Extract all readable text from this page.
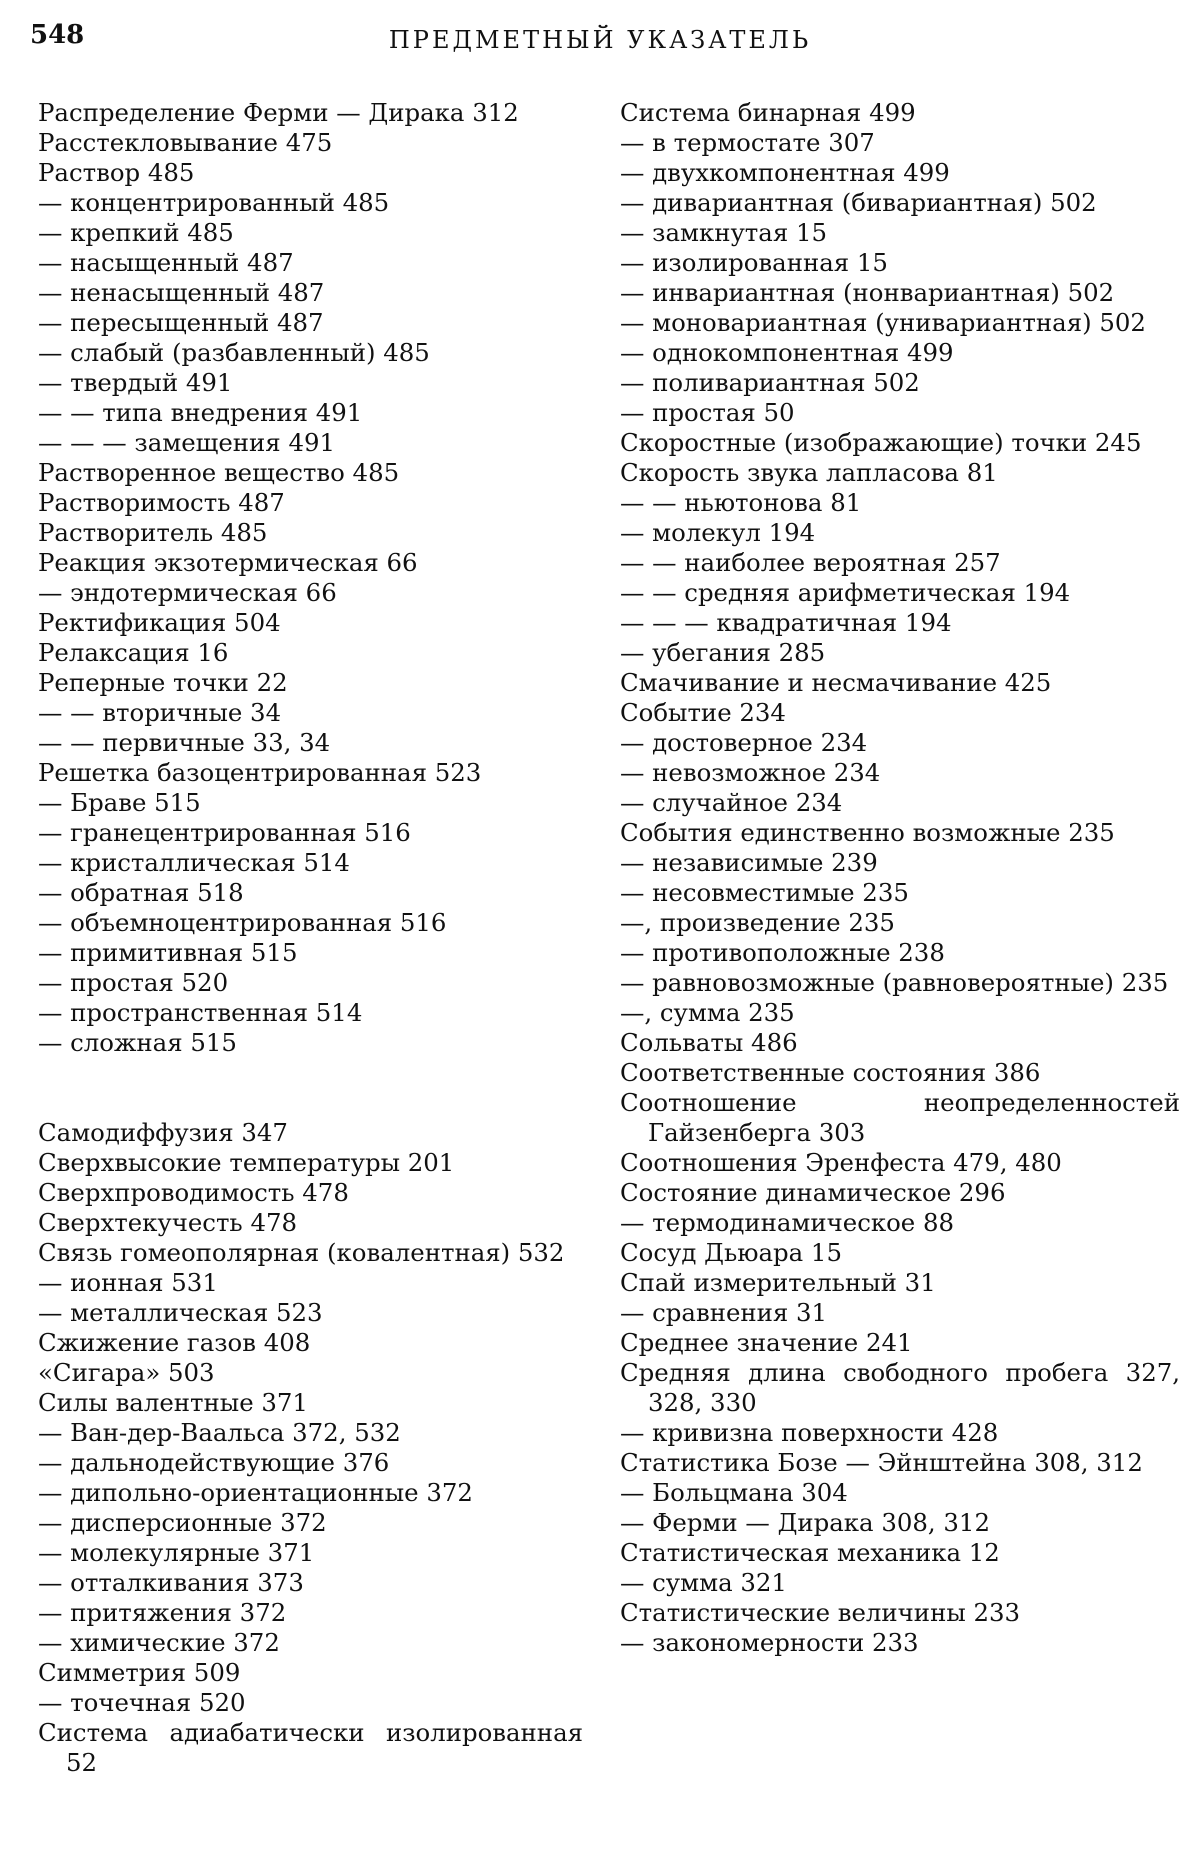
548	ПРЕДМЕТНЫЙ УКАЗАТЕЛЬ
Распределение Ферми — Дирака 312
Расстекловывание 475
Раствор 485
— концентрированный 485
— крепкий 485
— насыщенный 487
— ненасыщенный 487
— пересыщенный 487
— слабый (разбавленный) 485
— твердый 491
— — типа внедрения 491
— — — замещения 491
Растворенное вещество 485
Растворимость 487
Растворитель 485
Реакция экзотермическая 66
— эндотермическая 66
Ректификация 504
Релаксация 16
Реперные точки 22
— — вторичные 34
— — первичные 33, 34
Решетка базоцентрированная 523
— Браве 515
— гранецентрированная 516
— кристаллическая 514
— обратная 518
— объемноцентрированная 516
— примитивная 515
— простая 520
— пространственная 514
— сложная 515
Самодиффузия 347
Сверхвысокие температуры 201
Сверхпроводимость 478
Сверхтекучесть 478
Связь гомеополярная (ковалентная) 532
— ионная 531
— металлическая 523
Сжижение газов 408
«Сигара» 503
Силы валентные 371
— Ван-дер-Ваальса 372, 532
— дальнодействующие 376
— дипольно-ориентационные 372
— дисперсионные 372
— молекулярные 371
— отталкивания 373
— притяжения 372
— химические 372
Симметрия 509
— точечная 520
Система адиабатически изолированная 52
Система бинарная 499
— в термостате 307
— двухкомпонентная 499
— дивариантная (бивариантная) 502
— замкнутая 15
— изолированная 15
— инвариантная (нонвариантная) 502
— моновариантная (унивариантная) 502
— однокомпонентная 499
— поливариантная 502
— простая 50
Скоростные (изображающие) точки 245
Скорость звука лапласова 81
— — ньютонова 81
— молекул 194
— — наиболее вероятная 257
— — средняя арифметическая 194
— — — квадратичная 194
— убегания 285
Смачивание и несмачивание 425
Событие 234
— достоверное 234
— невозможное 234
— случайное 234
События единственно возможные 235
— независимые 239
— несовместимые 235
—, произведение 235
— противоположные 238
— равновозможные (равновероятные) 235
—, сумма 235
Сольваты 486
Соответственные состояния 386
Соотношение неопределенностей Гайзенберга 303
Соотношения Эренфеста 479, 480
Состояние динамическое 296
— термодинамическое 88
Сосуд Дьюара 15
Спай измерительный 31
— сравнения 31
Среднее значение 241
Средняя длина свободного пробега 327, 328, 330
— кривизна поверхности 428
Статистика Бозе — Эйнштейна 308, 312
— Больцмана 304
— Ферми — Дирака 308, 312
Статистическая механика 12
— сумма 321
Статистические величины 233
— закономерности 233
